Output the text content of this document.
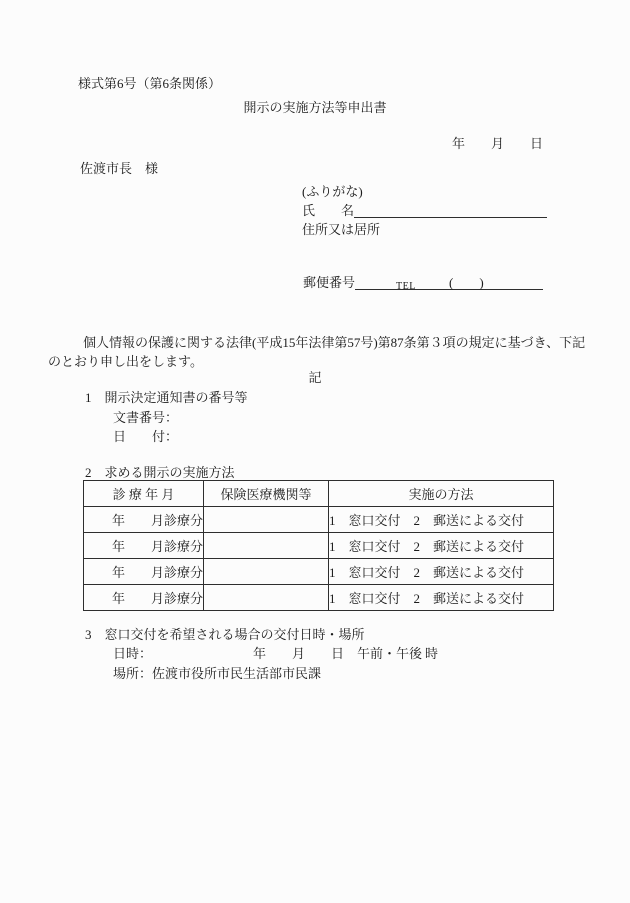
様式第6号（第6条関係）
開示の実施方法等申出書
年　　月　　日
佐渡市長　様
(ふりがな)
氏　　名
住所又は居所
郵便番号	TEL	(　　)
個人情報の保護に関する法律(平成15年法律第57号)第87条第３項の規定に基づき、下記
のとおり申し出をします。
記
1　開示決定通知書の番号等
文書番号：
日　　付：
2　求める開示の実施方法
診 療 年 月	保険医療機関等	実施の方法
年　　月診療分		1　窓口交付　2　郵送による交付
年　　月診療分		1　窓口交付　2　郵送による交付
年　　月診療分		1　窓口交付　2　郵送による交付
年　　月診療分		1　窓口交付　2　郵送による交付
3　窓口交付を希望される場合の交付日時・場所
日時：	年　　月　　日　午前・午後 時
場所：佐渡市役所市民生活部市民課
